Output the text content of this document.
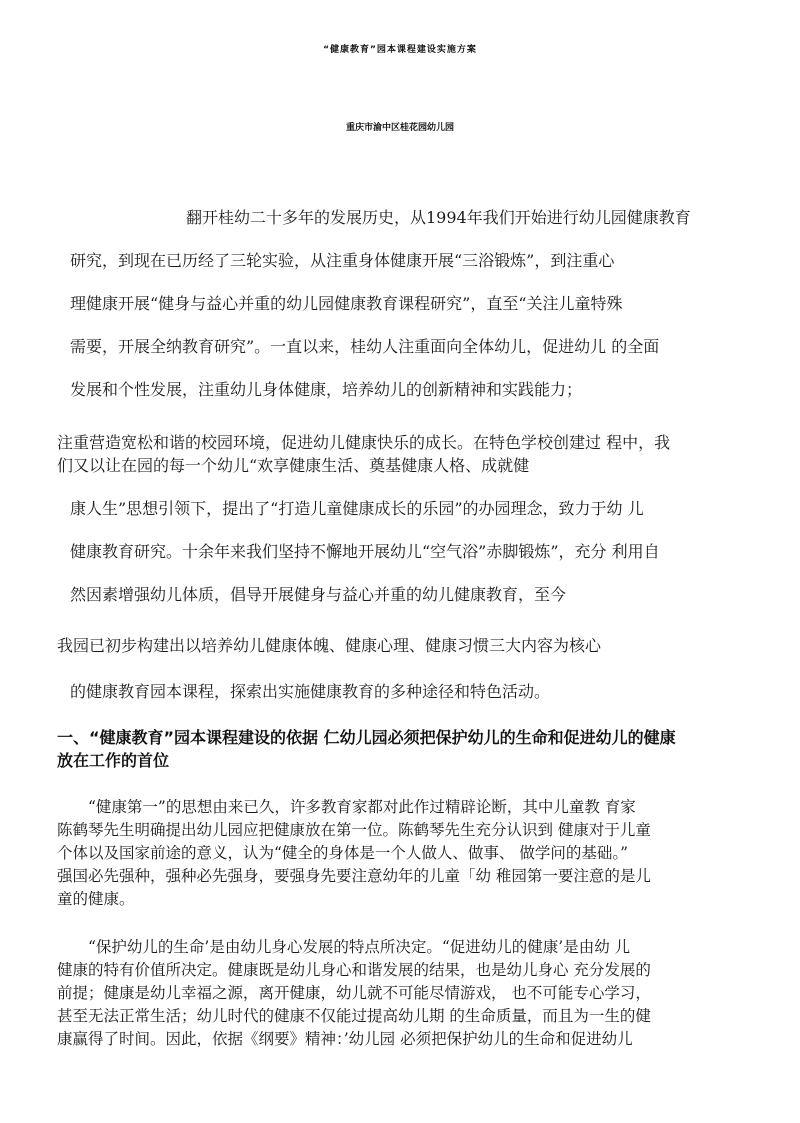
“健康教育”园本课程建设实施方案
重庆市渝中区桂花园幼儿园
翻开桂幼二十多年的发展历史，从1994年我们开始进行幼儿园健康教育
研究，到现在已历经了三轮实验，从注重身体健康开展“三浴锻炼”，到注重心
理健康开展“健身与益心并重的幼儿园健康教育课程研究”，直至“关注儿童特殊
需要，开展全纳教育研究”。一直以来，桂幼人注重面向全体幼儿，促进幼儿 的全面
发展和个性发展，注重幼儿身体健康，培养幼儿的创新精神和实践能力；
注重营造宽松和谐的校园环境，促进幼儿健康快乐的成长。在特色学校创建过 程中，我
们又以让在园的每一个幼儿“欢享健康生活、奠基健康人格、成就健
康人生”思想引领下，提出了“打造儿童健康成长的乐园”的办园理念，致力于幼 儿
健康教育研究。十余年来我们坚持不懈地开展幼儿“空气浴”赤脚锻炼”，充分 利用自
然因素增强幼儿体质，倡导开展健身与益心并重的幼儿健康教育，至今
我园已初步构建出以培养幼儿健康体魄、健康心理、健康习惯三大内容为核心
的健康教育园本课程，探索出实施健康教育的多种途径和特色活动。
一、“健康教育”园本课程建设的依据 仁幼儿园必须把保护幼儿的生命和促进幼儿的健康
放在工作的首位
“健康第一”的思想由来已久，许多教育家都对此作过精辟论断，其中儿童教 育家
陈鹤琴先生明确提出幼儿园应把健康放在第一位。陈鹤琴先生充分认识到 健康对于儿童
个体以及国家前途的意义，认为“健全的身体是一个人做人、做事、 做学问的基础。”
强国必先强种，强种必先强身，要强身先要注意幼年的儿童「幼 稚园第一要注意的是儿
童的健康。
“保护幼儿的生命’是由幼儿身心发展的特点所决定。“促进幼儿的健康’是由幼 儿
健康的特有价值所决定。健康既是幼儿身心和谐发展的结果，也是幼儿身心 充分发展的
前提；健康是幼儿幸福之源，离开健康，幼儿就不可能尽情游戏， 也不可能专心学习，
甚至无法正常生活；幼儿时代的健康不仅能过提高幼儿期 的生命质量，而且为一生的健
康赢得了时间。因此，依据《纲要》精神：’幼儿园 必须把保护幼儿的生命和促进幼儿
